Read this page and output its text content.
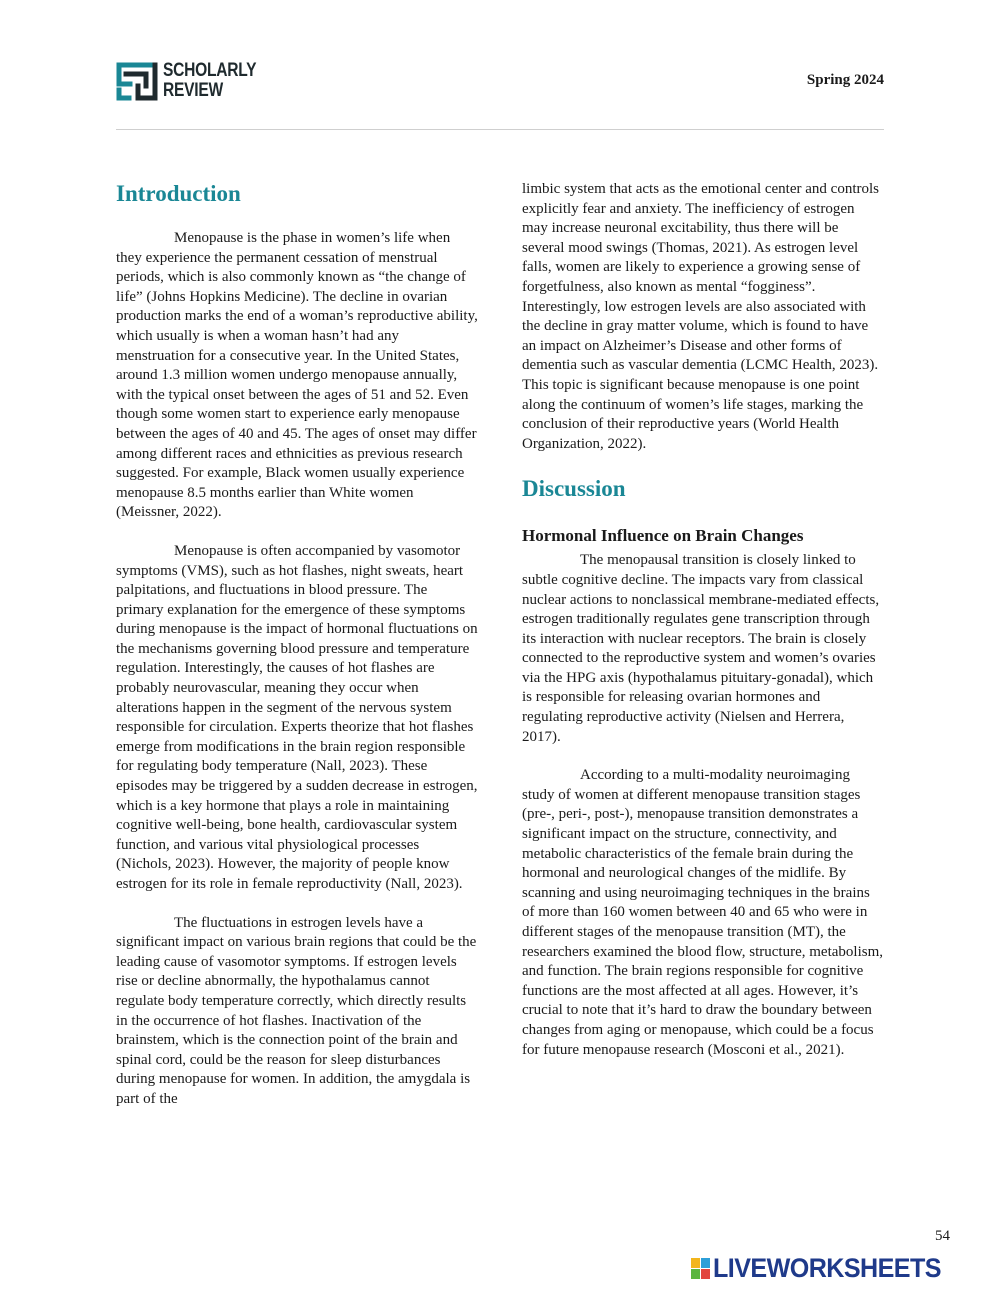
SCHOLARLY
REVIEW	Spring 2024
Introduction

Menopause is the phase in women’s life when they experience the permanent cessation of menstrual periods, which is also commonly known as “the change of life” (Johns Hopkins Medicine). The decline in ovarian production marks the end of a woman’s reproductive ability, which usually is when a woman hasn’t had any menstruation for a consecutive year. In the United States, around 1.3 million women undergo menopause annually, with the typical onset between the ages of 51 and 52. Even though some women start to experience early menopause between the ages of 40 and 45. The ages of onset may differ among different races and ethnicities as previous research suggested. For example, Black women usually experience menopause 8.5 months earlier than White women (Meissner, 2022).

Menopause is often accompanied by vasomotor symptoms (VMS), such as hot flashes, night sweats, heart palpitations, and fluctuations in blood pressure. The primary explanation for the emergence of these symptoms during menopause is the impact of hormonal fluctuations on the mechanisms governing blood pressure and temperature regulation. Interestingly, the causes of hot flashes are probably neurovascular, meaning they occur when alterations happen in the segment of the nervous system responsible for circulation. Experts theorize that hot flashes emerge from modifications in the brain region responsible for regulating body temperature (Nall, 2023). These episodes may be triggered by a sudden decrease in estrogen, which is a key hormone that plays a role in maintaining cognitive well-being, bone health, cardiovascular system function, and various vital physiological processes (Nichols, 2023). However, the majority of people know estrogen for its role in female reproductivity (Nall, 2023).

The fluctuations in estrogen levels have a significant impact on various brain regions that could be the leading cause of vasomotor symptoms. If estrogen levels rise or decline abnormally, the hypothalamus cannot regulate body temperature correctly, which directly results in the occurrence of hot flashes. Inactivation of the brainstem, which is the connection point of the brain and spinal cord, could be the reason for sleep disturbances during menopause for women. In addition, the amygdala is part of the

limbic system that acts as the emotional center and controls explicitly fear and anxiety. The inefficiency of estrogen may increase neuronal excitability, thus there will be several mood swings (Thomas, 2021). As estrogen level falls, women are likely to experience a growing sense of forgetfulness, also known as mental “fogginess”. Interestingly, low estrogen levels are also associated with the decline in gray matter volume, which is found to have an impact on Alzheimer’s Disease and other forms of dementia such as vascular dementia (LCMC Health, 2023). This topic is significant because menopause is one point along the continuum of women’s life stages, marking the conclusion of their reproductive years (World Health Organization, 2022).

Discussion
Hormonal Influence on Brain Changes

The menopausal transition is closely linked to subtle cognitive decline. The impacts vary from classical nuclear actions to nonclassical membrane-mediated effects, estrogen traditionally regulates gene transcription through its interaction with nuclear receptors. The brain is closely connected to the reproductive system and women’s ovaries via the HPG axis (hypothalamus pituitary-gonadal), which is responsible for releasing ovarian hormones and regulating reproductive activity (Nielsen and Herrera, 2017).

According to a multi-modality neuroimaging study of women at different menopause transition stages (pre-, peri-, post-), menopause transition demonstrates a significant impact on the structure, connectivity, and metabolic characteristics of the female brain during the hormonal and neurological changes of the midlife. By scanning and using neuroimaging techniques in the brains of more than 160 women between 40 and 65 who were in different stages of the menopause transition (MT), the researchers examined the blood flow, structure, metabolism, and function. The brain regions responsible for cognitive functions are the most affected at all ages. However, it’s crucial to note that it’s hard to draw the boundary between changes from aging or menopause, which could be a focus for future menopause research (Mosconi et al., 2021).

54
LIVEWORKSHEETS
